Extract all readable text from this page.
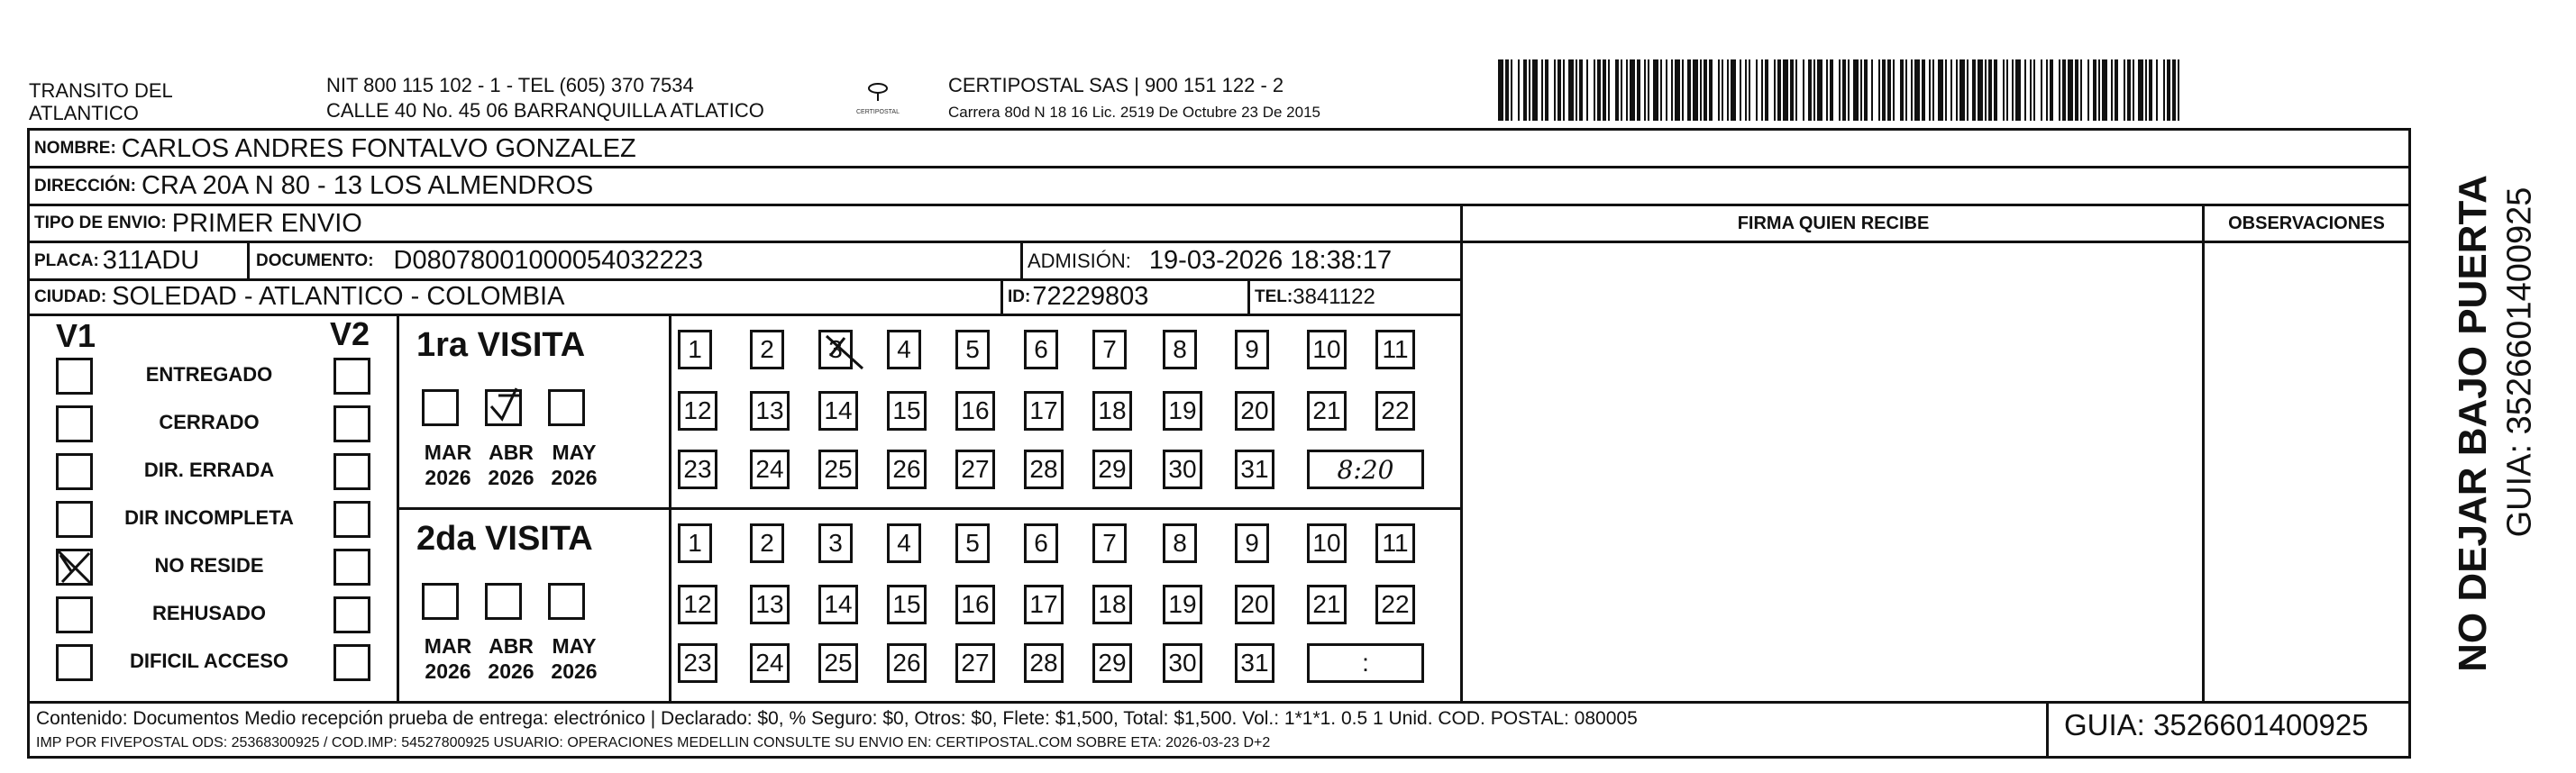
TRANSITO DEL
ATLANTICO
NIT 800 115 102 - 1 - TEL (605) 370 7534
CALLE 40 No. 45 06 BARRANQUILLA ATLATICO	CERTIPOSTAL
CERTIPOSTAL SAS | 900 151 122 - 2
Carrera 80d N 18 16 Lic. 2519 De Octubre 23 De 2015
NOMBRE: CARLOS ANDRES FONTALVO GONZALEZ
DIRECCIÓN: CRA 20A N 80 - 13 LOS ALMENDROS
TIPO DE ENVIO: PRIMER ENVIO	FIRMA QUIEN RECIBE	OBSERVACIONES
PLACA: 311ADU	DOCUMENTO: D08078001000054032223	ADMISIÓN: 19-03-2026 18:38:17
CIUDAD: SOLEDAD - ATLANTICO - COLOMBIA	ID: 72229803	TEL: 3841122
V1	V2
ENTREGADO
CERRADO
DIR. ERRADA
DIR INCOMPLETA
NO RESIDE
REHUSADO
DIFICIL ACCESO
1ra VISITA
MAR
2026
ABR
2026
MAY
2026
1	2	3	4	5	6	7	8	9	10 11
12 13 14 15 16 17 18 19 20 21 22
23 24 25 26 27 28 29 30 31	8:20
2da VISITA
MAR
2026
ABR
2026
MAY
2026
1	2	3	4	5	6	7	8	9	10 11
12 13 14 15 16 17 18 19 20 21 22
23 24 25 26 27 28 29 30 31	:
Contenido: Documentos Medio recepción prueba de entrega: electrónico | Declarado: $0, % Seguro: $0, Otros: $0, Flete: $1,500, Total: $1,500. Vol.: 1*1*1. 0.5 1 Unid. COD. POSTAL: 080005
IMP POR FIVEPOSTAL ODS: 25368300925 / COD.IMP: 54527800925 USUARIO: OPERACIONES MEDELLIN CONSULTE SU ENVIO EN: CERTIPOSTAL.COM SOBRE ETA: 2026-03-23 D+2
GUIA: 3526601400925
NO DEJAR BAJO PUERTA GUIA: 3526601400925
